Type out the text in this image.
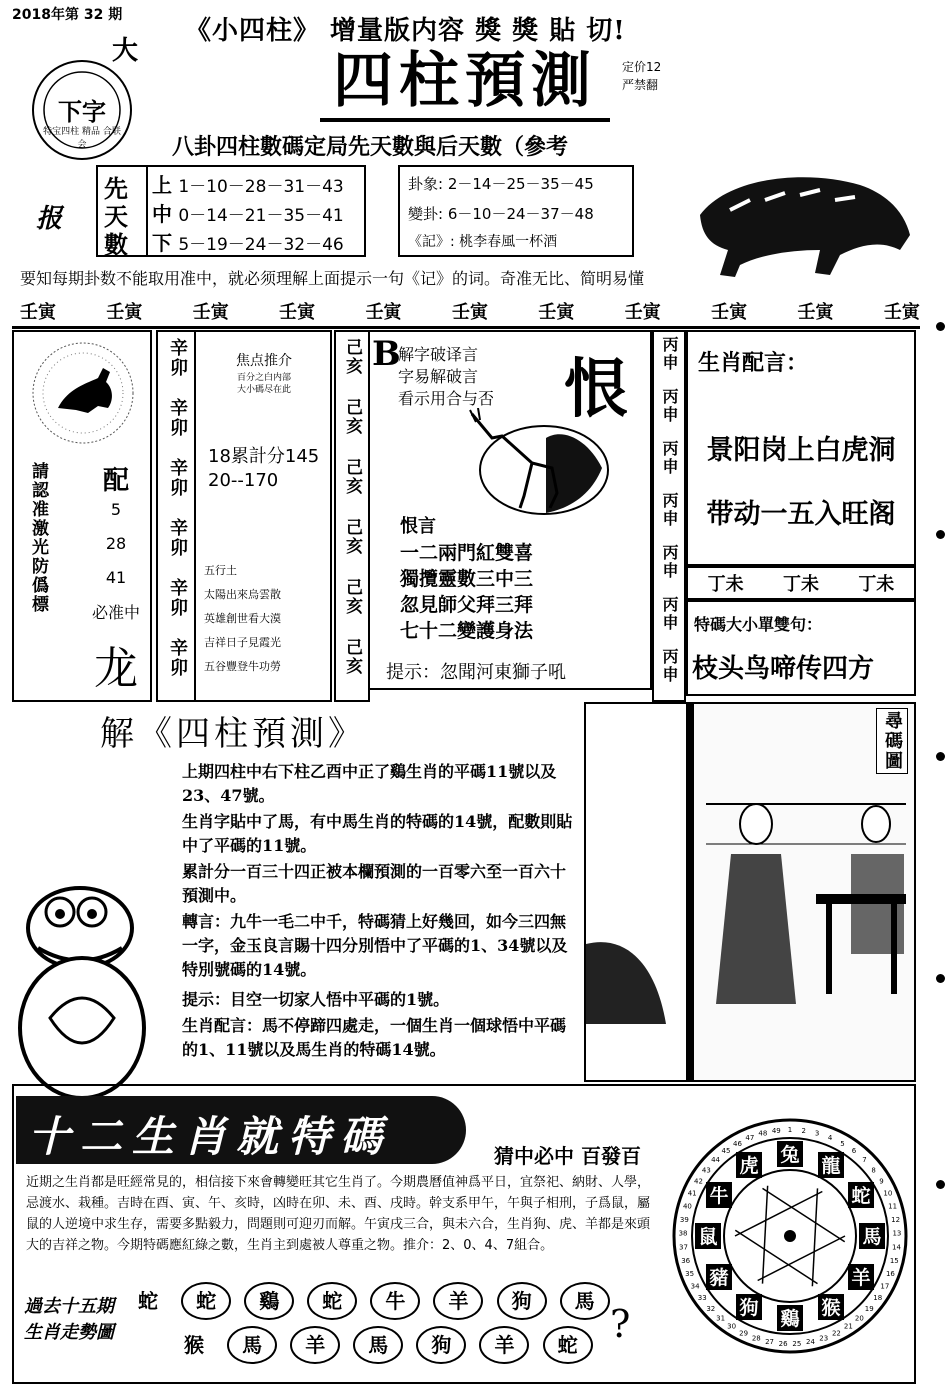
2018年第 32 期
《小四柱》 增量版内容 獎 獎 貼 切!
大
下字
特宝四柱 精品 合联会
报
四柱預測 定价12
严禁翻
八卦四柱數碼定局先天數與后天數（參考
先
天
數
上 1－10－28－31－43
中 0－14－21－35－41
下 5－19－24－32－46
卦象: 2－14－25－35－45
變卦: 6－10－24－37－48
《記》: 桃李春風一杯酒
要知每期卦数不能取用准中，就必须理解上面提示一句《记》的词。奇准无比、简明易懂
壬寅	壬寅	壬寅	壬寅	壬寅	壬寅	壬寅	壬寅	壬寅	壬寅	壬寅
請認准激光防僞標	配
5
28
41
必准中
龙
辛卯
辛卯
辛卯
辛卯
辛卯
辛卯
焦点推介
百分之白内部
大小碼尽在此
18累計分145
20--170
五行土
太陽出來烏雲散
英雄創世看大漠
吉祥日子見霞光
五谷豐登牛功勞
己亥
己亥
己亥
己亥
己亥
己亥
B
解字破译言
字易解破言
看示用合与否 恨
恨言
一二兩門紅雙喜
獨攬靈數三中三
忽見師父拜三拜
七十二變護身法
提示：忽聞河東獅子吼
丙申
丙申
丙申
丙申
丙申
丙申
丙申
生肖配言：
景阳岗上白虎洞
带动一五入旺阁
丁未 丁未 丁未
特碼大小單雙句：
枝头鸟啼传四方
解《四柱預測》
上期四柱中右下柱乙酉中正了鷄生肖的平碼11號以及23、47號。
生肖字貼中了馬，有中馬生肖的特碼的14號，配數則貼中了平碼的11號。
累計分一百三十四正被本欄預測的一百零六至一百六十預測中。
轉言：九牛一毛二中千，特碼猜上好幾回，如今三四無一字，金玉良言賜十四分別悟中了平碼的1、34號以及特別號碼的14號。
提示：目空一切家人悟中平碼的1號。
生肖配言：馬不停蹄四處走，一個生肖一個球悟中平碼的1、11號以及馬生肖的特碼14號。
尋碼圖
十二生肖就特碼	猜中必中 百發百
近期之生肖都是旺經常見的，相信接下來會轉變旺其它生肖了。今期農曆值神爲平日，宜祭祀、納財、人學，忌渡水、栽種。吉時在酉、寅、午、亥時，凶時在卯、未、酉、戌時。幹支系甲午，午與子相刑，子爲鼠，屬鼠的人逆境中求生存，需要多點毅力，問題則可迎刃而解。午寅戌三合，與未六合，生肖狗、虎、羊都是來頭大的吉祥之物。今期特碼應紅綠之數，生肖主到處被人尊重之物。推介：2、0、4、7組合。
過去十五期
生肖走勢圖
蛇 蛇 鷄 蛇 牛 羊 狗 馬
猴 馬 羊 馬 狗 羊 蛇 ?
1 2 3
4
5
6
7
8
9
10
11
12
13
14
15
16
17
18
19
20
21
22
23
24
25
26
27
28
29
30
31
32
33
34
35
36
37
38
39
40
41
42
43
44
45
46
47
48 49
牛
虎 兔 龍
蛇
馬
羊
猴
鷄
狗
豬
鼠
